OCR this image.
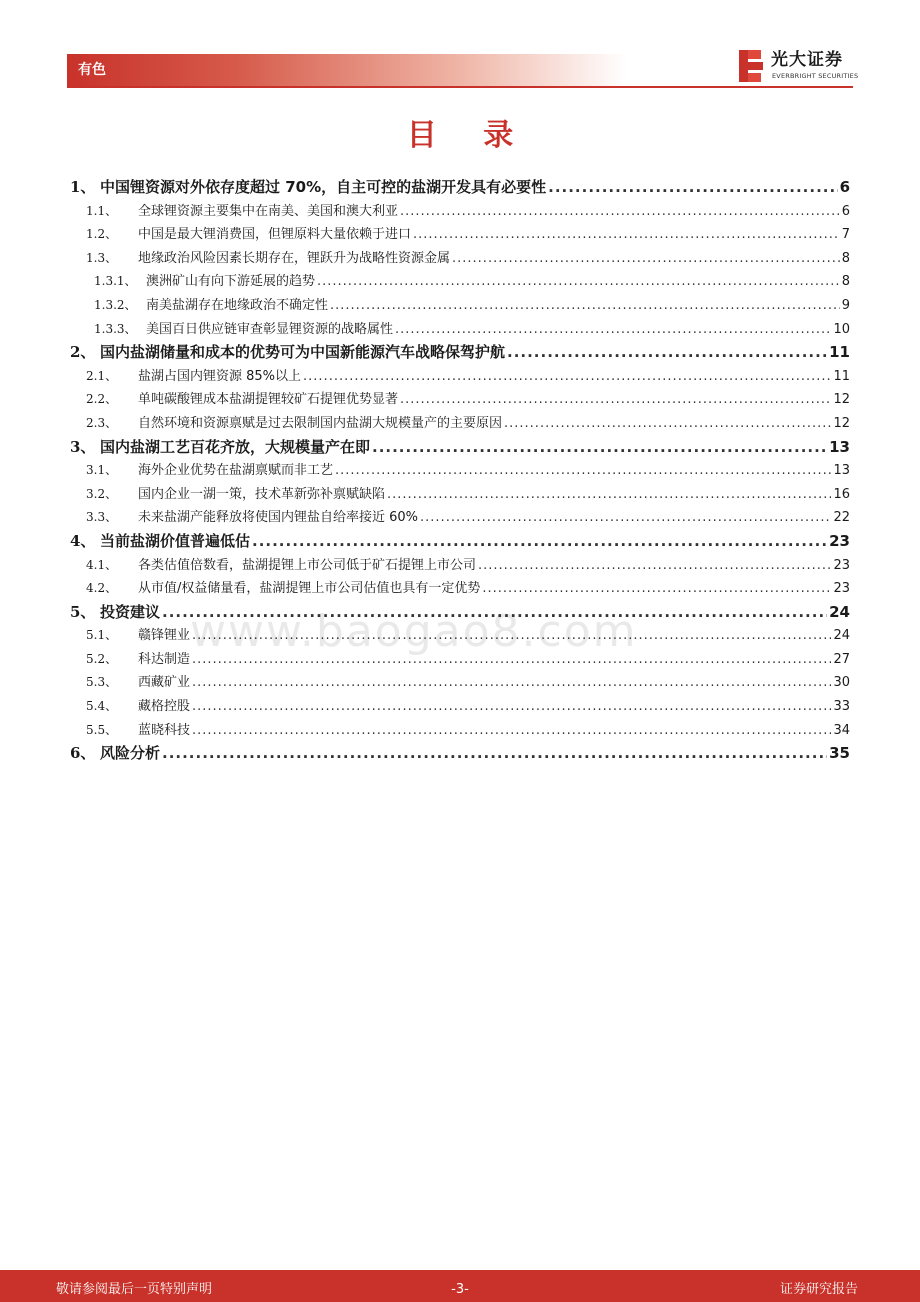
有色	光大证券
EVERBRIGHT SECURITIES
www.baogao8.com
目 录
1、 中国锂资源对外依存度超过 70%，自主可控的盐湖开发具有必要性 .....	6
1.1、	全球锂资源主要集中在南美、美国和澳大利亚 .....	6
1.2、	中国是最大锂消费国，但锂原料大量依赖于进口 .....	7
1.3、	地缘政治风险因素长期存在，锂跃升为战略性资源金属 .....	8
1.3.1、 澳洲矿山有向下游延展的趋势 .....	8
1.3.2、 南美盐湖存在地缘政治不确定性 .....	9
1.3.3、 美国百日供应链审查彰显锂资源的战略属性 .....	10
2、 国内盐湖储量和成本的优势可为中国新能源汽车战略保驾护航 .....	11
2.1、	盐湖占国内锂资源 85%以上 .....	11
2.2、	单吨碳酸锂成本盐湖提锂较矿石提锂优势显著 .....	12
2.3、	自然环境和资源禀赋是过去限制国内盐湖大规模量产的主要原因 .....	12
3、 国内盐湖工艺百花齐放，大规模量产在即 .....	13
3.1、	海外企业优势在盐湖禀赋而非工艺 .....	13
3.2、	国内企业一湖一策，技术革新弥补禀赋缺陷 .....	16
3.3、	未来盐湖产能释放将使国内锂盐自给率接近 60% .....	22
4、 当前盐湖价值普遍低估 .....	23
4.1、	各类估值倍数看，盐湖提锂上市公司低于矿石提锂上市公司 .....	23
4.2、	从市值/权益储量看，盐湖提锂上市公司估值也具有一定优势 .....	23
5、 投资建议 .....	24
5.1、	赣锋锂业 .....	24
5.2、	科达制造 .....	27
5.3、	西藏矿业 .....	30
5.4、	藏格控股 .....	33
5.5、	蓝晓科技 .....	34
6、 风险分析 .....	35
敬请参阅最后一页特别声明	-3-	证券研究报告
